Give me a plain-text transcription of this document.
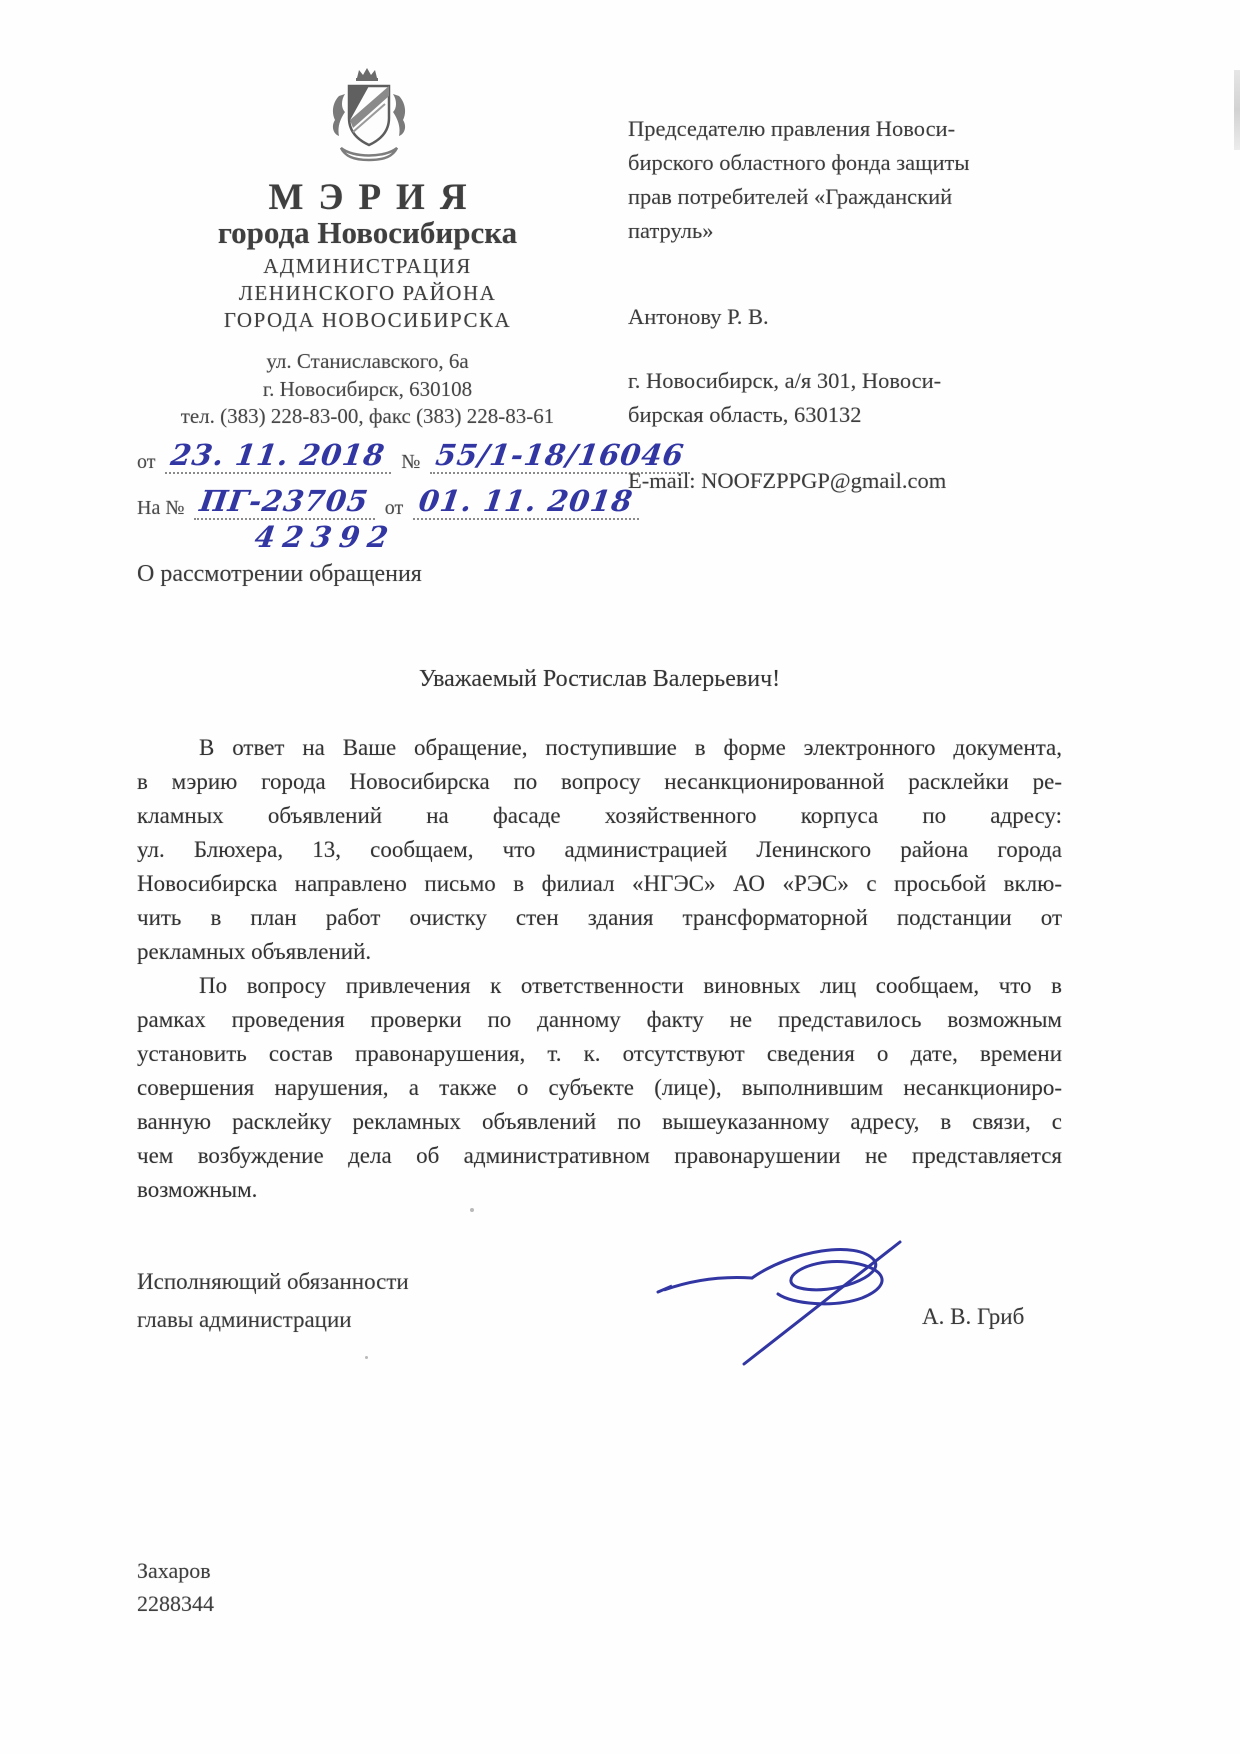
МЭРИЯ
города Новосибирска
АДМИНИСТРАЦИЯ
ЛЕНИНСКОГО РАЙОНА
ГОРОДА НОВОСИБИРСКА
ул. Станиславского, 6а
г. Новосибирск, 630108
тел. (383) 228-83-00, факс (383) 228-83-61
от 23. 11. 2018 № 55/1-18/16046
На № ПГ-23705 от 01. 11. 2018
42392
Председателю правления Новоси-
бирского областного фонда защиты
прав потребителей «Гражданский
патруль»
Антонову Р. В.
г. Новосибирск, а/я 301, Новоси-
бирская область, 630132
E-mail: NOOFZPPGP@gmail.com
О рассмотрении обращения
Уважаемый Ростислав Валерьевич!
В ответ на Ваше обращение, поступившие в форме электронного документа,
в мэрию города Новосибирска по вопросу несанкционированной расклейки ре-
кламных объявлений на фасаде хозяйственного корпуса по адресу:
ул. Блюхера, 13, сообщаем, что администрацией Ленинского района города
Новосибирска направлено письмо в филиал «НГЭС» АО «РЭС» с просьбой вклю-
чить в план работ очистку стен здания трансформаторной подстанции от
рекламных объявлений.
По вопросу привлечения к ответственности виновных лиц сообщаем, что в
рамках проведения проверки по данному факту не представилось возможным
установить состав правонарушения, т. к. отсутствуют сведения о дате, времени
совершения нарушения, а также о субъекте (лице), выполнившим несанкциониро-
ванную расклейку рекламных объявлений по вышеуказанному адресу, в связи, с
чем возбуждение дела об административном правонарушении не представляется
возможным.
Исполняющий обязанности
главы администрации	А. В. Гриб
Захаров
2288344
